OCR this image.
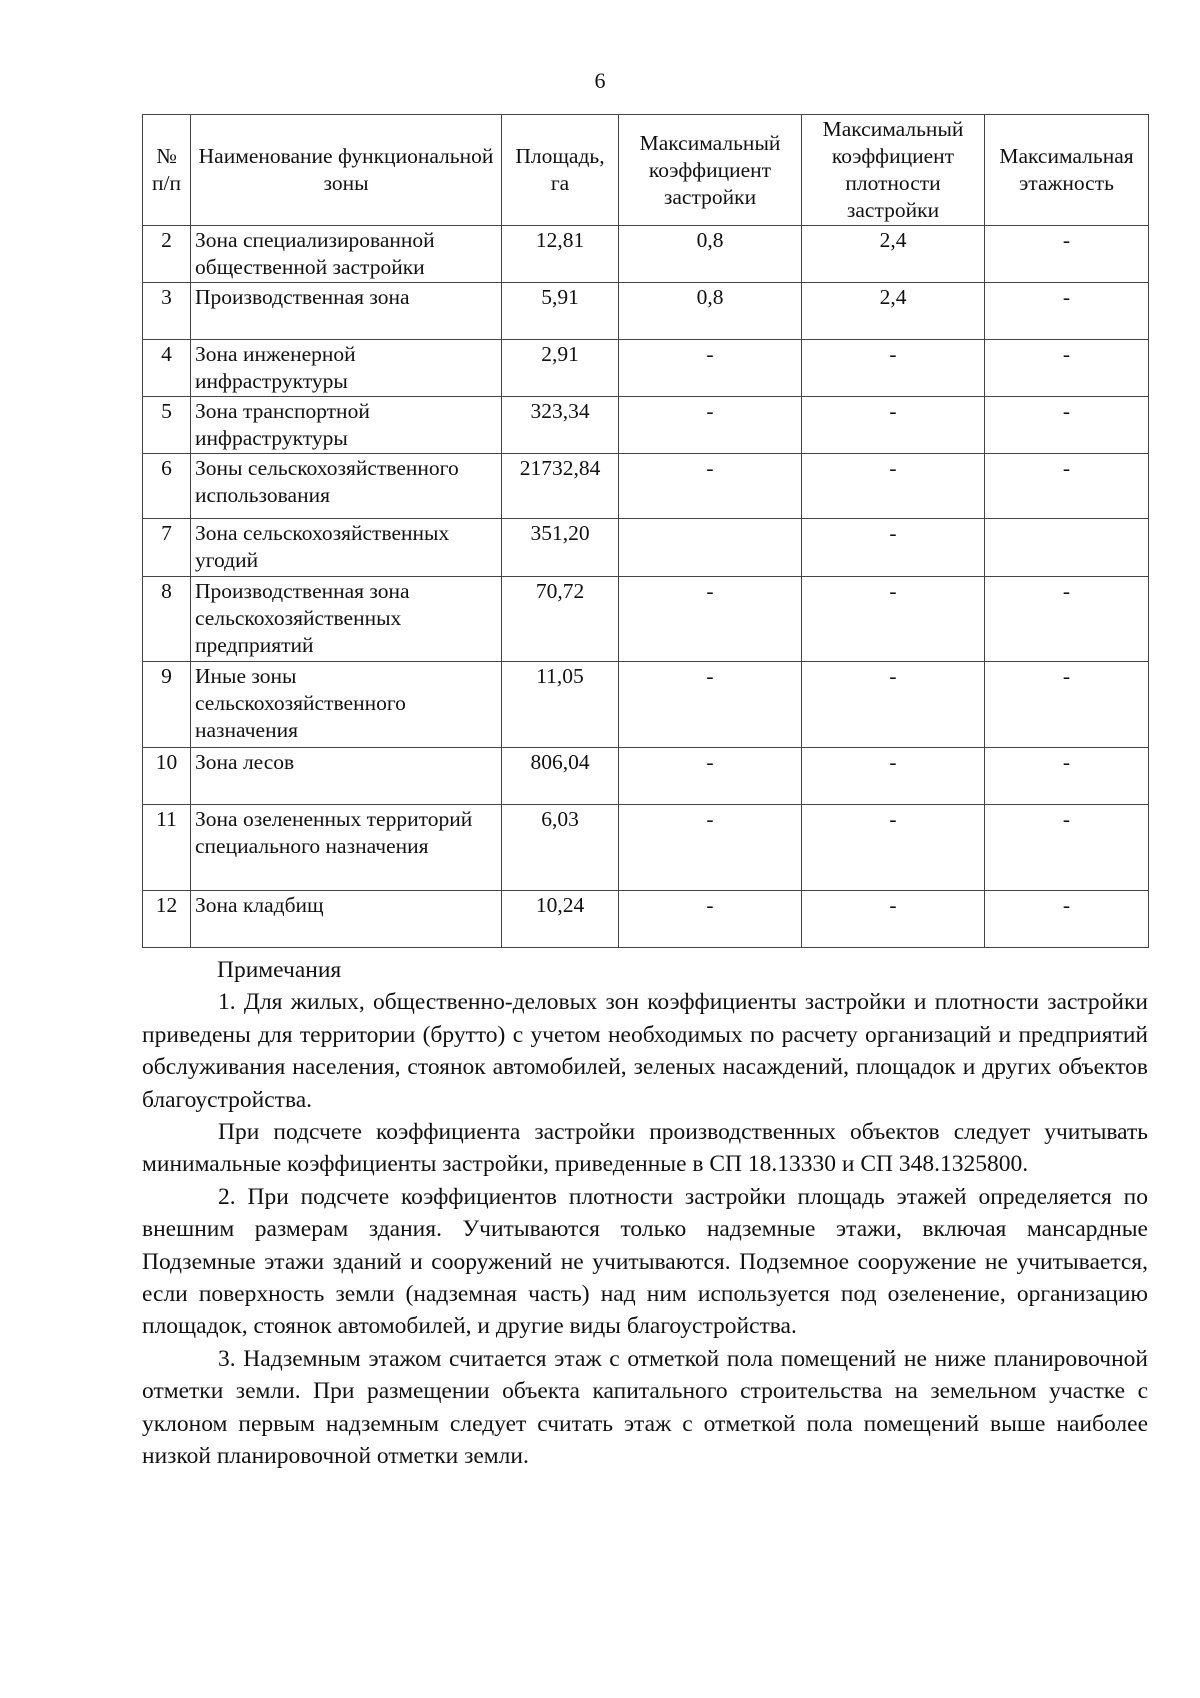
6
№ п/п	Наименование функциональной зоны	Площадь, га	Максимальный коэффициент застройки	Максимальный коэффициент плотности застройки	Максимальная этажность
2	Зона специализированной общественной застройки	12,81	0,8	2,4	-
3	Производственная зона	5,91	0,8	2,4	-
4	Зона инженерной инфраструктуры	2,91	-	-	-
5	Зона транспортной инфраструктуры	323,34	-	-	-
6	Зоны сельскохозяйственного использования	21732,84	-	-	-
7	Зона сельскохозяйственных угодий	351,20		-	
8	Производственная зона сельскохозяйственных предприятий	70,72	-	-	-
9	Иные зоны сельскохозяйственного назначения	11,05	-	-	-
10	Зона лесов	806,04	-	-	-
11	Зона озелененных территорий специального назначения	6,03	-	-	-
12	Зона кладбищ	10,24	-	-	-

Примечания

1. Для жилых, общественно-деловых зон коэффициенты застройки и плотности застройки приведены для территории (брутто) с учетом необходимых по расчету организаций и предприятий обслуживания населения, стоянок автомобилей, зеленых насаждений, площадок и других объектов благоустройства.

При подсчете коэффициента застройки производственных объектов следует учитывать минимальные коэффициенты застройки, приведенные в СП 18.13330 и СП 348.1325800.

2. При подсчете коэффициентов плотности застройки площадь этажей определяется по внешним размерам здания. Учитываются только надземные этажи, включая мансардные Подземные этажи зданий и сооружений не учитываются. Подземное сооружение не учитывается, если поверхность земли (надземная часть) над ним используется под озеленение, организацию площадок, стоянок автомобилей, и другие виды благоустройства.

3. Надземным этажом считается этаж с отметкой пола помещений не ниже планировочной отметки земли. При размещении объекта капитального строительства на земельном участке с уклоном первым надземным следует считать этаж с отметкой пола помещений выше наиболее низкой планировочной отметки земли.
